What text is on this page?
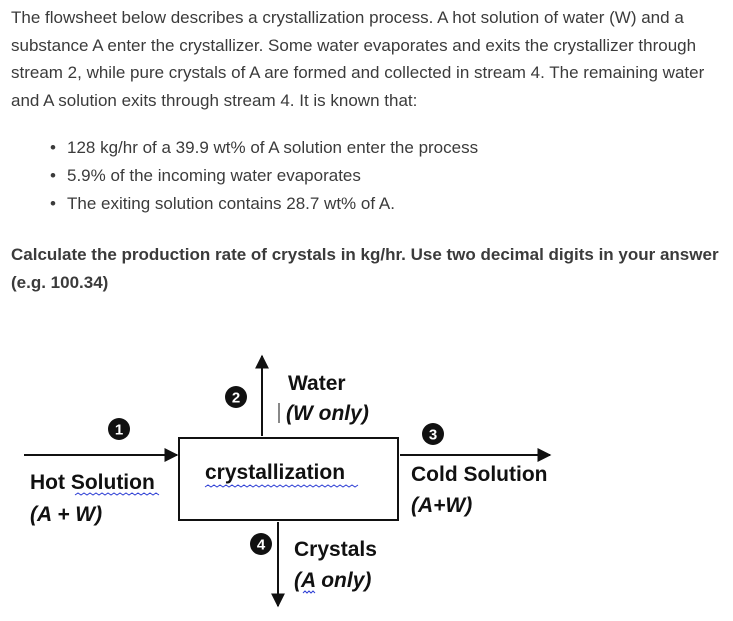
The flowsheet below describes a crystallization process. A hot solution of water (W) and a substance A enter the crystallizer. Some water evaporates and exits the crystallizer through stream 2, while pure crystals of A are formed and collected in stream 4. The remaining water and A solution exits through stream 4. It is known that:

• 128 kg/hr of a 39.9 wt% of A solution enter the process
• 5.9% of the incoming water evaporates
• The exiting solution contains 28.7 wt% of A.

Calculate the production rate of crystals in kg/hr. Use two decimal digits in your answer (e.g. 100.34)

crystallization
1
Hot Solution
(A + W)
2
Water
(W only)
3
Cold Solution
(A+W)
4 Crystals
(A only)
